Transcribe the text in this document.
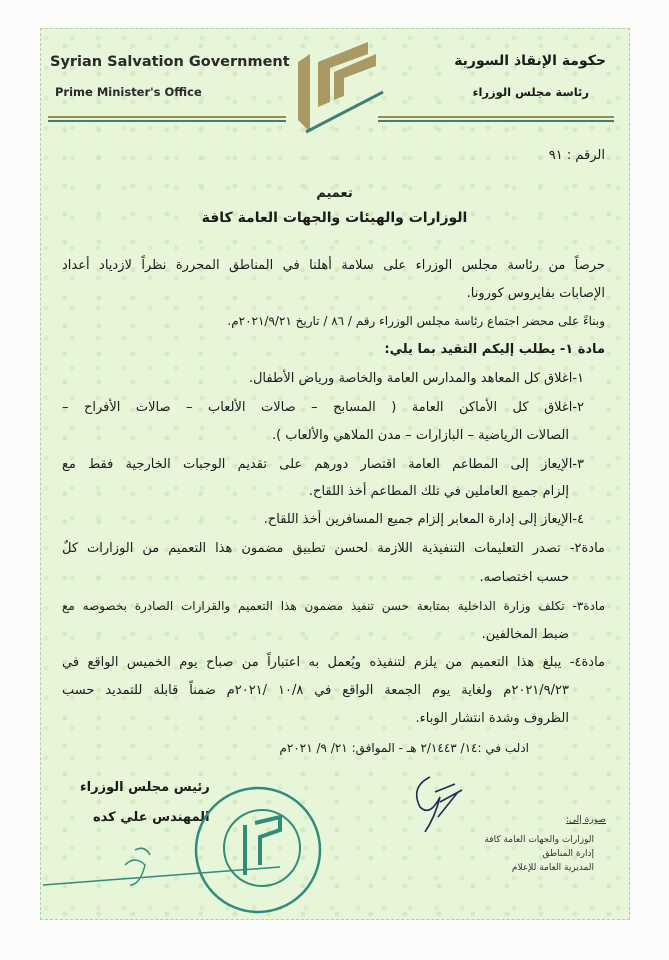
Syrian Salvation Government
Prime Minister's Office
حكومة الإنقاذ السورية
رئاسة مجلس الوزراء
الرقم : ٩١
تعميم
الوزارات والهيئات والجهات العامة كافة
حرصاً من رئاسة مجلس الوزراء على سلامة أهلنا في المناطق المحررة نظراً لازدياد أعداد
الإصابات بفايروس كورونا.
وبناءً على محضر اجتماع رئاسة مجلس الوزراء رقم / ٨٦ / تاريخ ٢٠٢١/٩/٢١م.
مادة ١- يطلب إليكم التقيد بما يلي:
١-اغلاق كل المعاهد والمدارس العامة والخاصة ورياض الأطفال.
٢-اغلاق كل الأماكن العامة ( المسابح – صالات الألعاب – صالات الأفراح –
الصالات الرياضية – البازارات – مدن الملاهي والألعاب ).
٣-الإيعاز إلى المطاعم العامة اقتصار دورهم على تقديم الوجبات الخارجية فقط مع
إلزام جميع العاملين في تلك المطاعم أخذ اللقاح.
٤-الإيعاز إلى إدارة المعابر إلزام جميع المسافرين أخذ اللقاح.
مادة٢- تصدر التعليمات التنفيذية اللازمة لحسن تطبيق مضمون هذا التعميم من الوزارات كلٌ
حسب اختصاصه.
مادة٣- تكلف وزارة الداخلية بمتابعة حسن تنفيذ مضمون هذا التعميم والقرارات الصادرة بخصوصه مع
ضبط المخالفين.
مادة٤- يبلغ هذا التعميم من يلزم لتنفيذه ويُعمل به اعتباراً من صباح يوم الخميس الواقع في
٢٠٢١/٩/٢٣م ولغاية يوم الجمعة الواقع في ١٠/٨ /٢٠٢١م ضمناً قابلة للتمديد حسب
الظروف وشدة انتشار الوباء.
ادلب في :١٤/ ٢/١٤٤٣ هـ - الموافق: ٢١/ ٩/ ٢٠٢١م
رئيس مجلس الوزراء
المهندس علي كده	صورة إلى:
الوزارات والجهات العامة كافة
إدارة المناطق
المديرية العامة للإعلام
